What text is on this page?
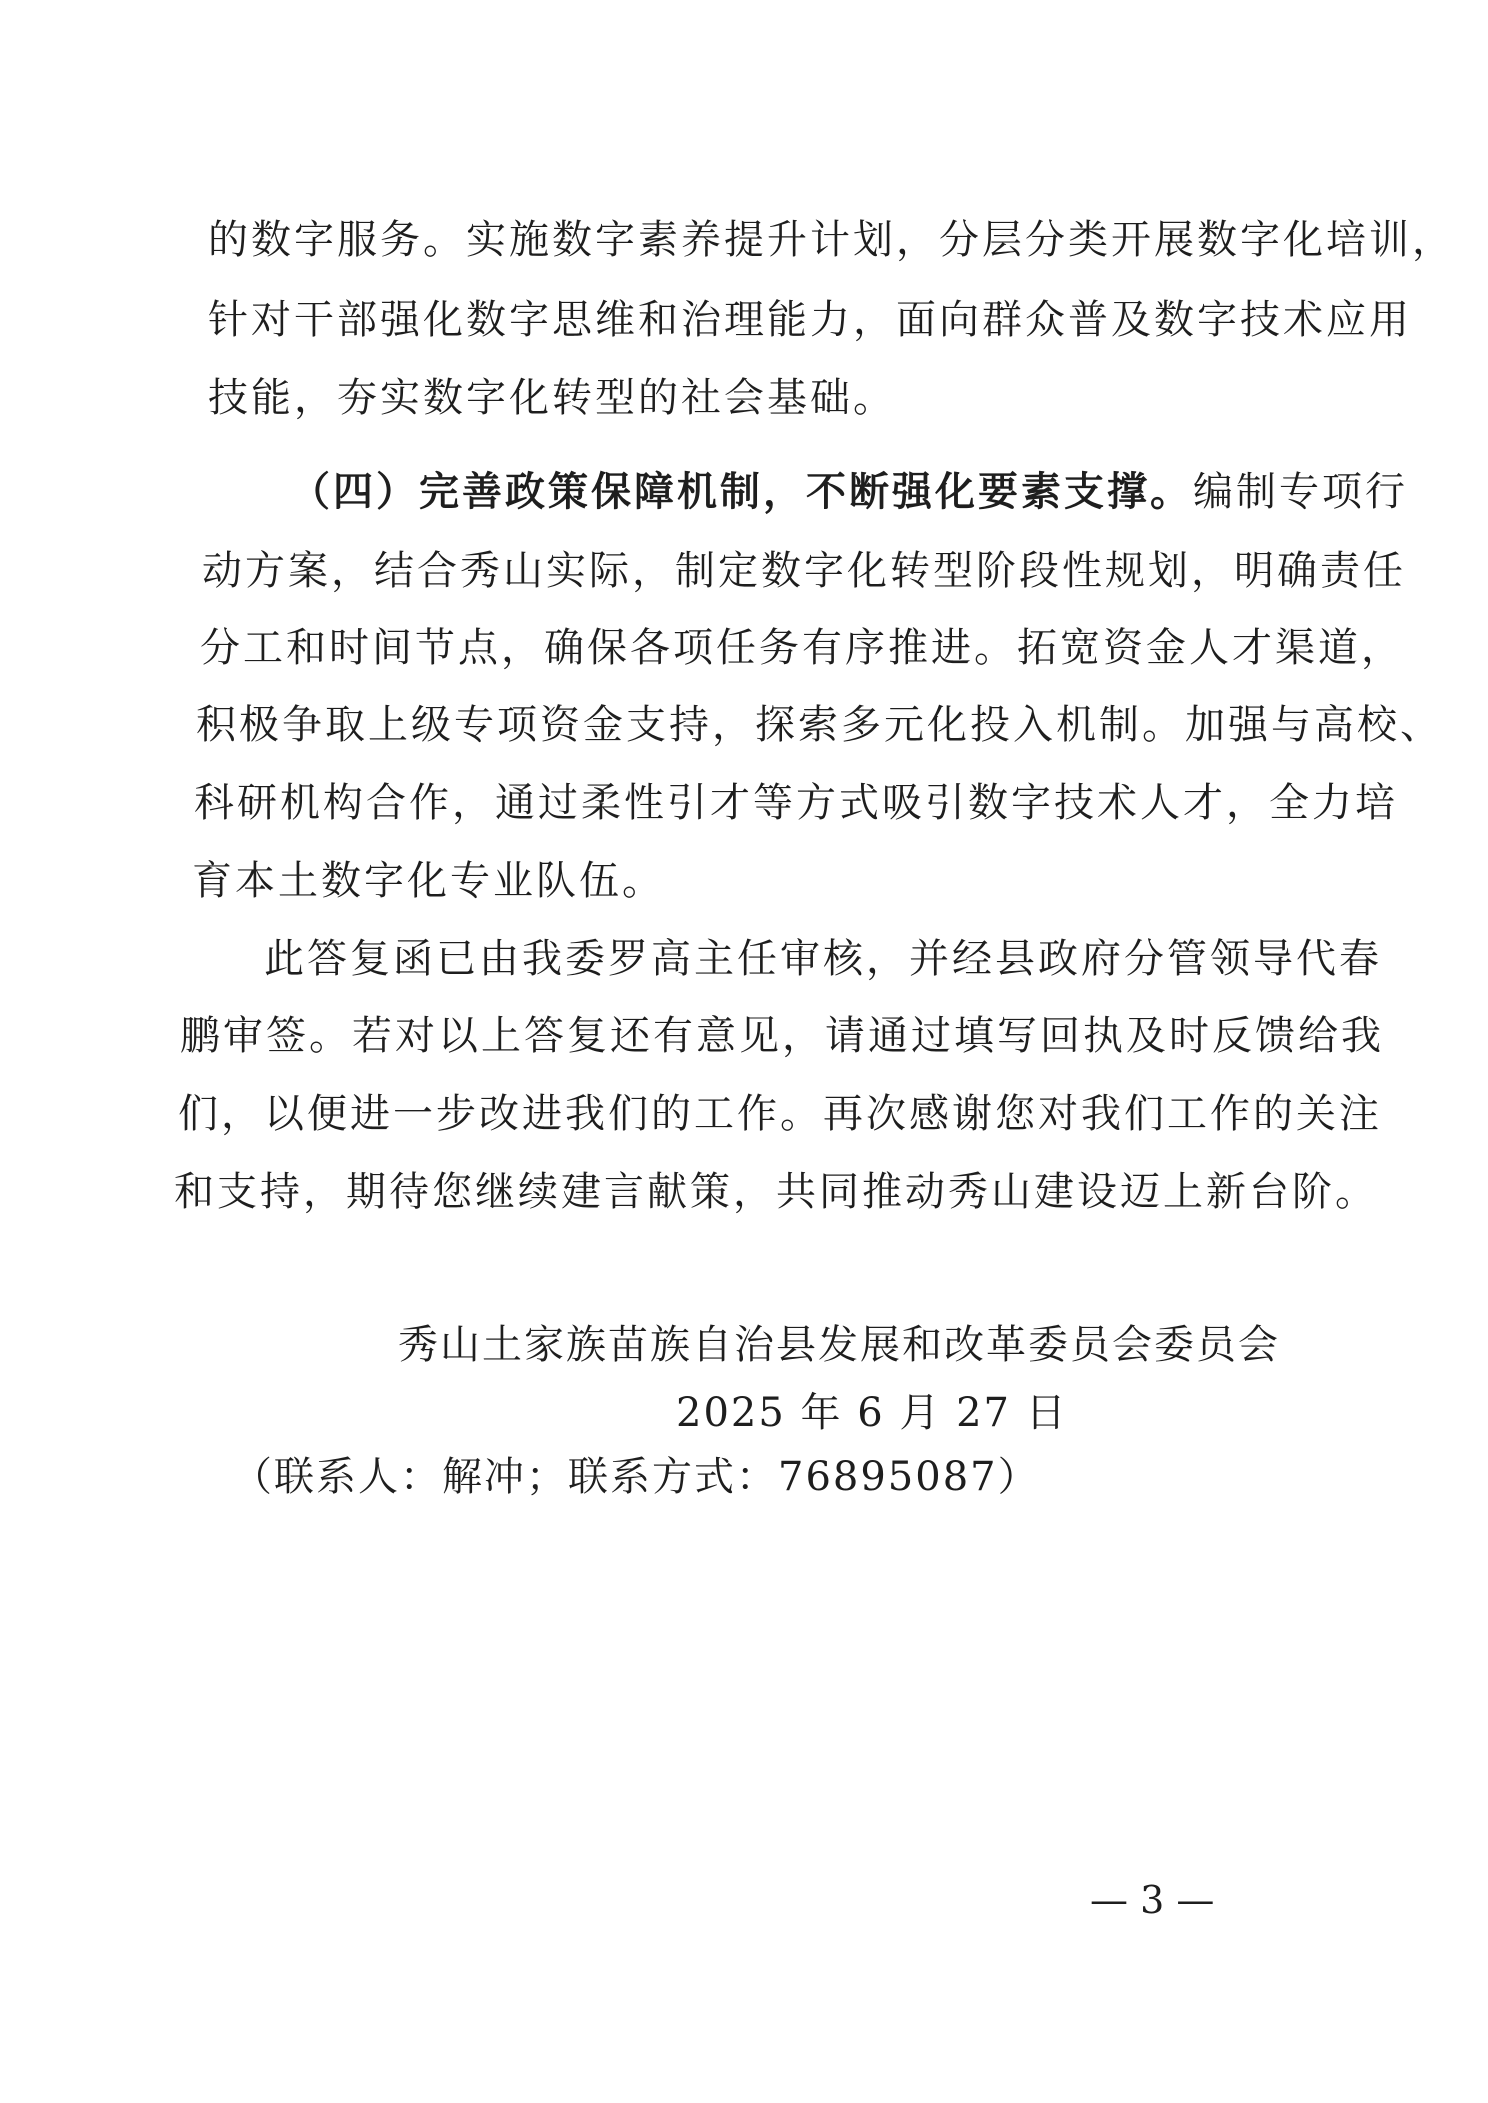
的数字服务。实施数字素养提升计划，分层分类开展数字化培训，
针对干部强化数字思维和治理能力，面向群众普及数字技术应用
技能，夯实数字化转型的社会基础。
（四）完善政策保障机制，不断强化要素支撑。编制专项行
动方案，结合秀山实际，制定数字化转型阶段性规划，明确责任
分工和时间节点，确保各项任务有序推进。拓宽资金人才渠道，
积极争取上级专项资金支持，探索多元化投入机制。加强与高校、
科研机构合作，通过柔性引才等方式吸引数字技术人才，全力培
育本土数字化专业队伍。
此答复函已由我委罗高主任审核，并经县政府分管领导代春
鹏审签。若对以上答复还有意见，请通过填写回执及时反馈给我
们，以便进一步改进我们的工作。再次感谢您对我们工作的关注
和支持，期待您继续建言献策，共同推动秀山建设迈上新台阶。
秀山土家族苗族自治县发展和改革委员会委员会
2025 年 6 月 27 日
（联系人：解冲；联系方式：76895087）
— 3 —
